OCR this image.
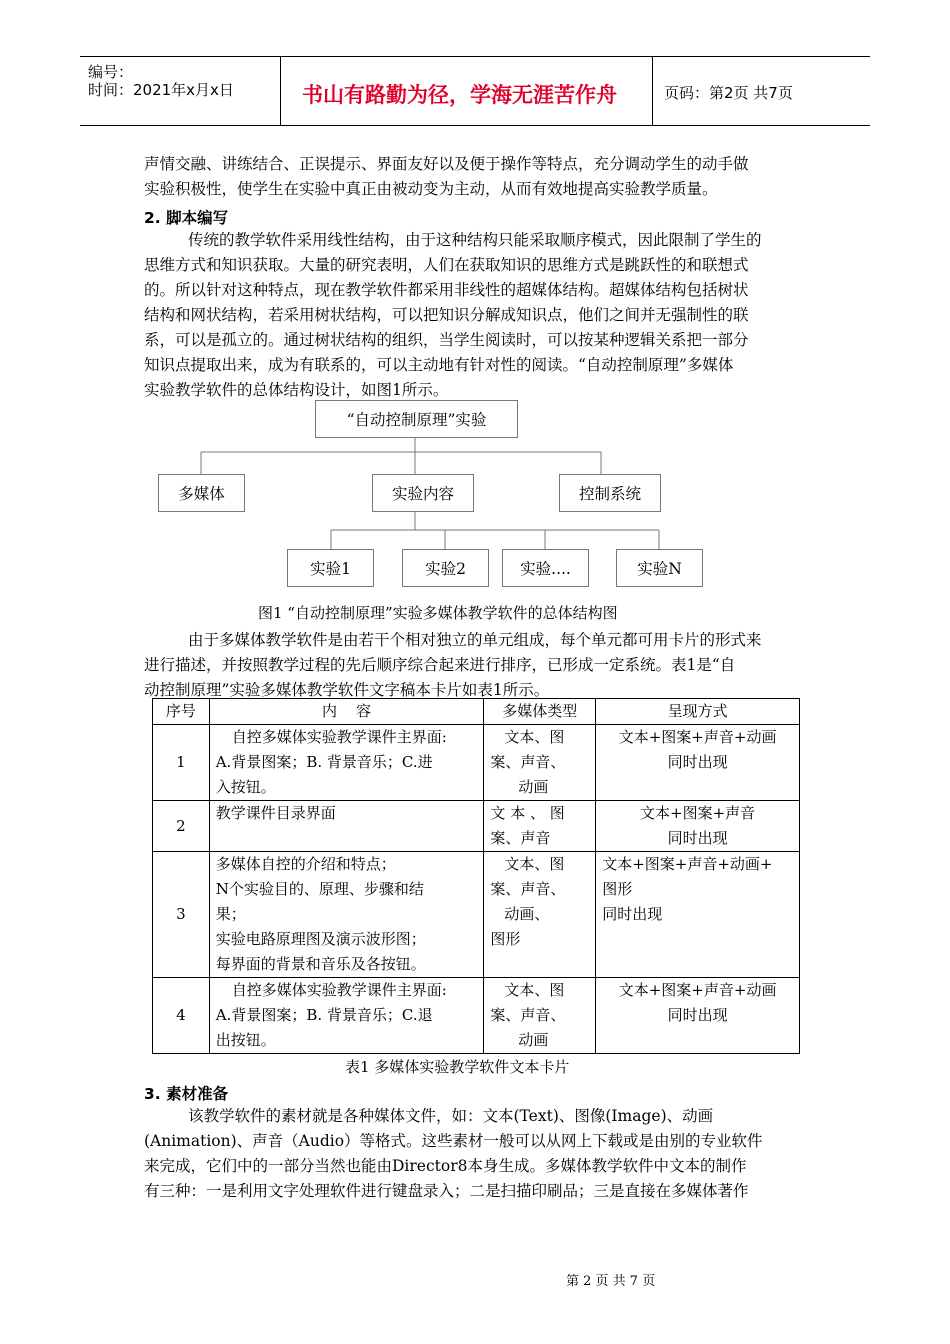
编号：
时间：2021年x月x日	书山有路勤为径，学海无涯苦作舟	页码：第2页 共7页
声情交融、讲练结合、正误提示、界面友好以及便于操作等特点，充分调动学生的动手做
实验积极性，使学生在实验中真正由被动变为主动，从而有效地提高实验教学质量。
2. 脚本编写
传统的教学软件采用线性结构，由于这种结构只能采取顺序模式，因此限制了学生的
思维方式和知识获取。大量的研究表明，人们在获取知识的思维方式是跳跃性的和联想式
的。所以针对这种特点，现在教学软件都采用非线性的超媒体结构。超媒体结构包括树状
结构和网状结构，若采用树状结构，可以把知识分解成知识点，他们之间并无强制性的联
系，可以是孤立的。通过树状结构的组织，当学生阅读时，可以按某种逻辑关系把一部分
知识点提取出来，成为有联系的，可以主动地有针对性的阅读。“自动控制原理”多媒体
实验教学软件的总体结构设计，如图1所示。
“自动控制原理”实验
多媒体	实验内容	控制系统
实验1	实验2	实验....	实验N
图1 “自动控制原理”实验多媒体教学软件的总体结构图
由于多媒体教学软件是由若干个相对独立的单元组成，每个单元都可用卡片的形式来
进行描述，并按照教学过程的先后顺序综合起来进行排序，已形成一定系统。表1是“自
动控制原理”实验多媒体教学软件文字稿本卡片如表1所示。
序号	内    容	多媒体类型	呈现方式
1	自控多媒体实验教学课件主界面:
A.背景图案；B. 背景音乐；C.进
入按钮。	文本、图
案、声音、
动画	文本+图案+声音+动画
同时出现

2	教学课件目录界面	文 本 、 图
案、声音	文本+图案+声音
同时出现

3	多媒体自控的介绍和特点；
N个实验目的、原理、步骤和结
果；
实验电路原理图及演示波形图；
每界面的背景和音乐及各按钮。	文本、图
案、声音、
动画、
图形	文本+图案+声音+动画+
图形
同时出现

4	自控多媒体实验教学课件主界面:
A.背景图案；B. 背景音乐；C.退
出按钮。	文本、图
案、声音、
动画	文本+图案+声音+动画
同时出现
表1 多媒体实验教学软件文本卡片
3. 素材准备
该教学软件的素材就是各种媒体文件，如：文本(Text)、图像(Image)、动画
(Animation)、声音（Audio）等格式。这些素材一般可以从网上下载或是由别的专业软件
来完成，它们中的一部分当然也能由Director8本身生成。多媒体教学软件中文本的制作
有三种：一是利用文字处理软件进行键盘录入；二是扫描印刷品；三是直接在多媒体著作
第 2 页 共 7 页
